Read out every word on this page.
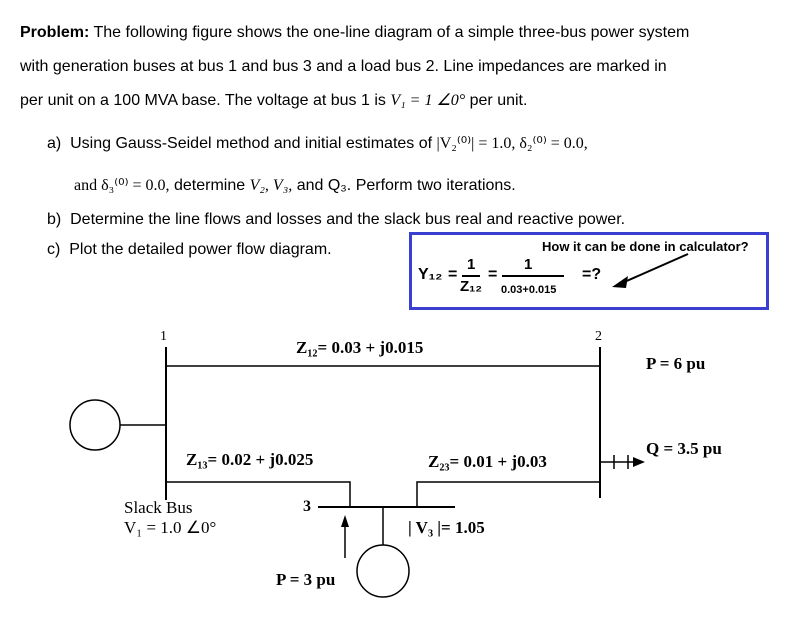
Problem: The following figure shows the one-line diagram of a simple three-bus power system
with generation buses at bus 1 and bus 3 and a load bus 2. Line impedances are marked in
per unit on a 100 MVA base. The voltage at bus 1 is V₁ = 1 ∠0° per unit.
a) Using Gauss-Seidel method and initial estimates of |V₂⁽⁰⁾| = 1.0, δ₂⁽⁰⁾ = 0.0,
and δ₃⁽⁰⁾ = 0.0, determine V₂, V₃, and Q₃. Perform two iterations.
b) Determine the line flows and losses and the slack bus real and reactive power.
c) Plot the detailed power flow diagram.	How it can be done in calculator?
Y₁₂ =
1
Z₁₂
=
1
0.03+0.015
=?
1	2
3
Z₁₂= 0.03 + j0.015
Z₁₃= 0.02 + j0.025	Z₂₃= 0.01 + j0.03
P = 6 pu
Q = 3.5 pu
Slack Bus
V₁ = 1.0 ∠0°	| V₃ |= 1.05
P = 3 pu
